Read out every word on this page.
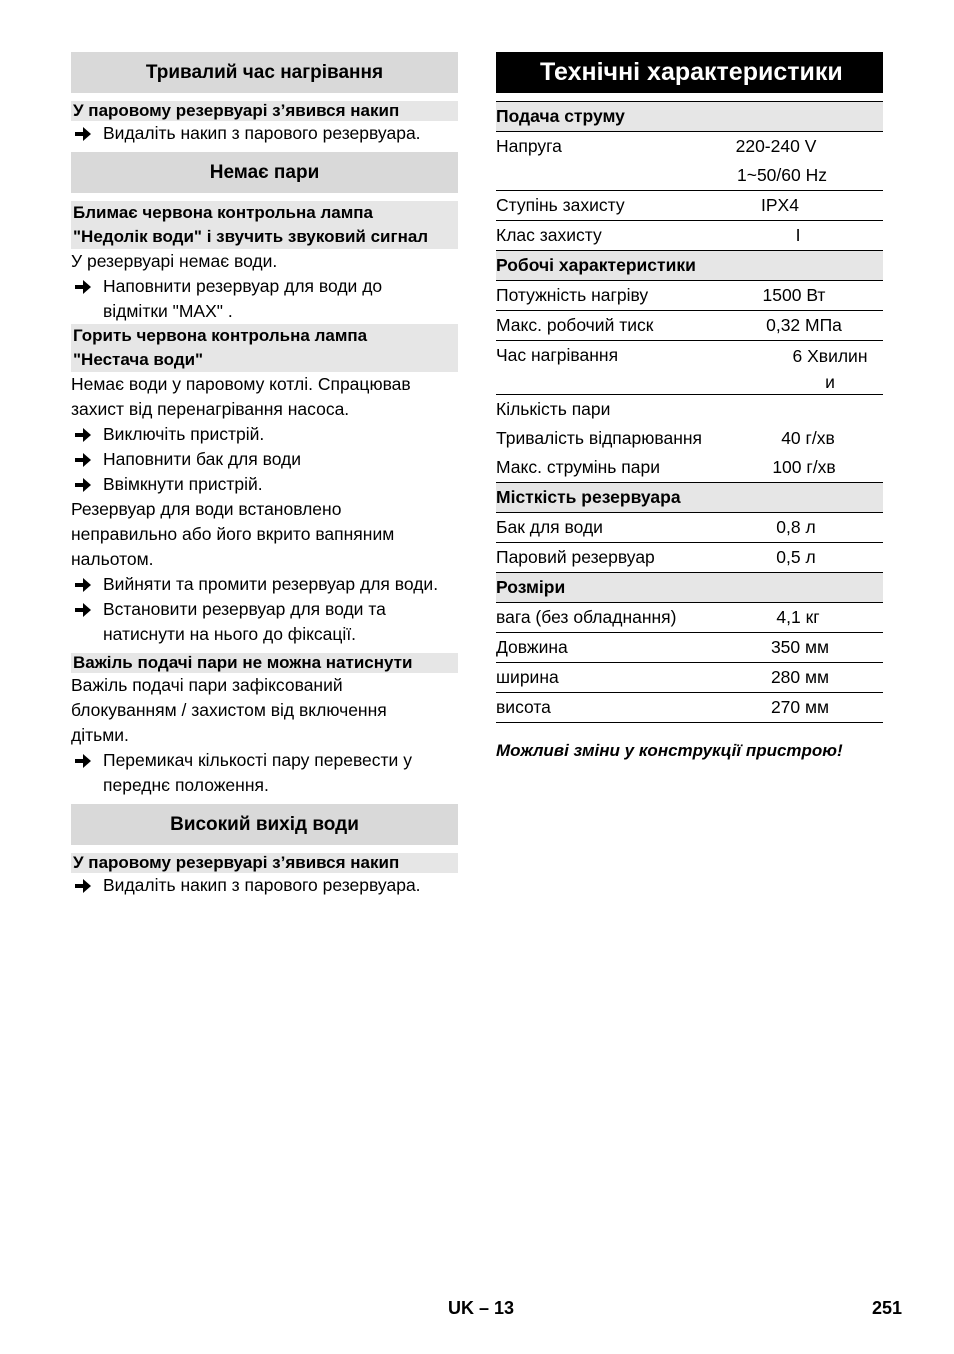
Тривалий час нагрівання
У паровому резервуарі з’явився накип
Видаліть накип з парового резервуара.
Немає пари
Блимає червона контрольна лампа
"Недолік води" і звучить звуковий сигнал
У резервуарі немає води.
Наповнити резервуар для води до
відмітки "MAX" .
Горить червона контрольна лампа
"Нестача води"
Немає води у паровому котлі. Спрацював
захист від перенагрівання насоса.
Виключіть пристрій.
Наповнити бак для води
Ввімкнути пристрій.
Резервуар для води встановлено
неправильно або його вкрито вапняним
нальотом.
Вийняти та промити резервуар для води.
Встановити резервуар для води та
натиснути на нього до фіксації.
Важіль подачі пари не можна натиснути
Важіль подачі пари зафіксований
блокуванням / захистом від включення
дітьми.
Перемикач кількості пару перевести у
переднє положення.
Високий вихід води
У паровому резервуарі з’явився накип
Видаліть накип з парового резервуара.
Технічні характеристики
Подача струму
Напруга	220-240 V
1~50/60 Hz
Ступінь захисту	IPX4
Клас захисту	I
Робочі характеристики
Потужність нагріву	1500 Вт
Макс. робочий тиск	0,32 МПа
Час нагрівання	6 Хвилин
и
Кількість пари
Тривалість відпарювання	40 г/хв
Макс. струмінь пари	100 г/хв
Місткість резервуара
Бак для води	0,8 л
Паровий резервуар	0,5 л
Розміри
вага (без обладнання)	4,1 кг
Довжина	350 мм
ширина	280 мм
висота	270 мм
Можливі зміни у конструкції пристрою!
UK – 13	251
